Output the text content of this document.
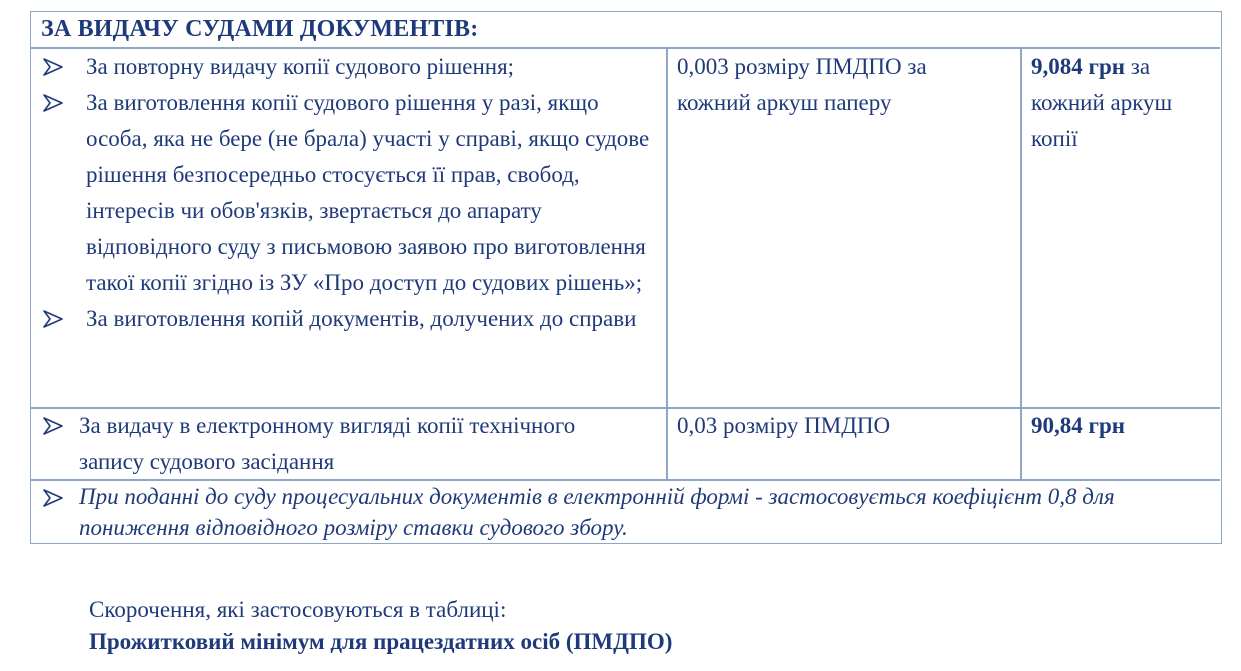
ЗА ВИДАЧУ СУДАМИ ДОКУМЕНТІВ:
За повторну видачу копії судового рішення;
За виготовлення копії судового рішення у разі, якщо особа, яка не бере (не брала) участі у справі, якщо судове рішення безпосередньо стосується її прав, свобод, інтересів чи обов'язків, звертається до апарату відповідного суду з письмовою заявою про виготовлення такої копії згідно із ЗУ «Про доступ до судових рішень»;
За виготовлення копій документів, долучених до справи
0,003 розміру ПМДПО за кожний аркуш паперу
9,084 грн за кожний аркуш копії
За видачу в електронному вигляді копії технічного запису судового засідання
0,03 розміру ПМДПО	90,84 грн
При поданні до суду процесуальних документів в електронній формі - застосовується коефіцієнт 0,8 для пониження відповідного розміру ставки судового збору.
Скорочення, які застосовуються в таблиці:
Прожитковий мінімум для працездатних осіб (ПМДПО)
